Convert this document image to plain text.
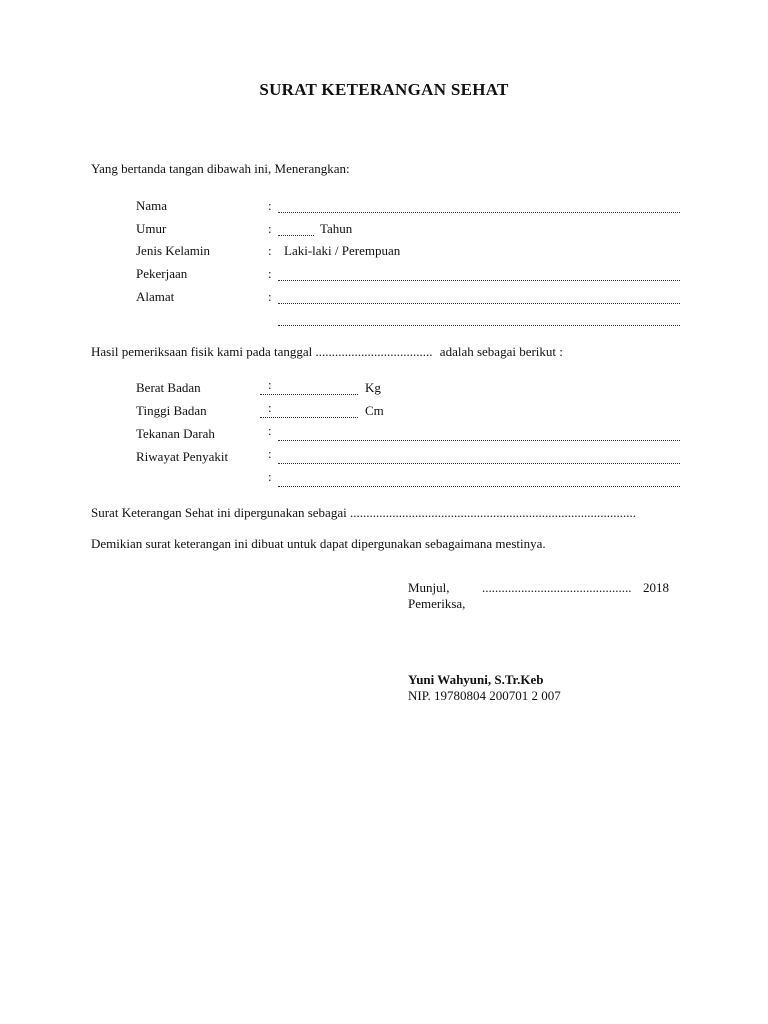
SURAT KETERANGAN SEHAT
Yang bertanda tangan dibawah ini, Menerangkan:
Nama	:
Umur	:	Tahun
Jenis Kelamin	: Laki-laki / Perempuan
Pekerjaan	:
Alamat	:
Hasil pemeriksaan fisik kami pada tanggal .................................... adalah sebagai berikut :
Berat Badan	:	Kg
Tinggi Badan	:	Cm
Tekanan Darah	:
Riwayat Penyakit	:
:
Surat Keterangan Sehat ini dipergunakan sebagai ........................................................................................
Demikian surat keterangan ini dibuat untuk dapat dipergunakan sebagaimana mestinya.
Munjul, .............................................. 2018
Pemeriksa,
Yuni Wahyuni, S.Tr.Keb
NIP. 19780804 200701 2 007
